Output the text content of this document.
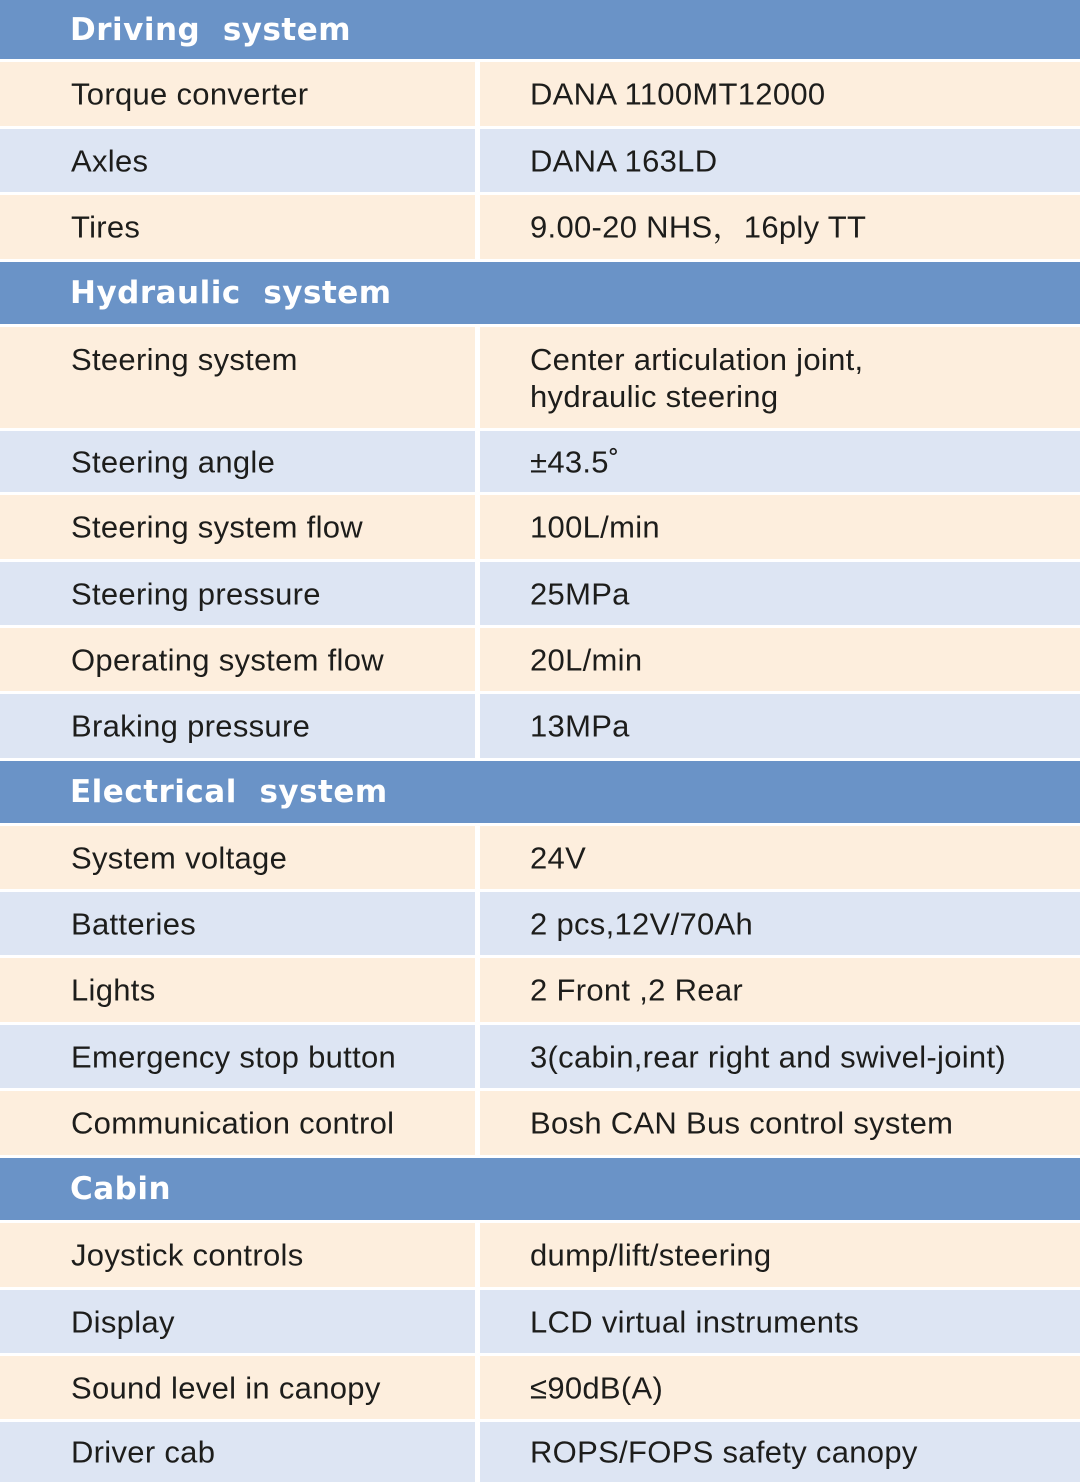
Driving  system
Torque converter	DANA 1100MT12000
Axles	DANA 163LD
Tires	9.00-20 NHS，16ply TT
Hydraulic  system
Steering system	Center articulation joint,
hydraulic steering
Steering angle	±43.5˚
Steering system flow	100L/min
Steering pressure	25MPa
Operating system flow	20L/min
Braking pressure	13MPa
Electrical  system
System voltage	24V
Batteries	2 pcs,12V/70Ah
Lights	2 Front ,2 Rear
Emergency stop button	3(cabin,rear right and swivel-joint)
Communication control	Bosh CAN Bus control system
Cabin
Joystick controls	dump/lift/steering
Display	LCD virtual instruments
Sound level in canopy	≤90dB(A)
Driver cab	ROPS/FOPS safety canopy
